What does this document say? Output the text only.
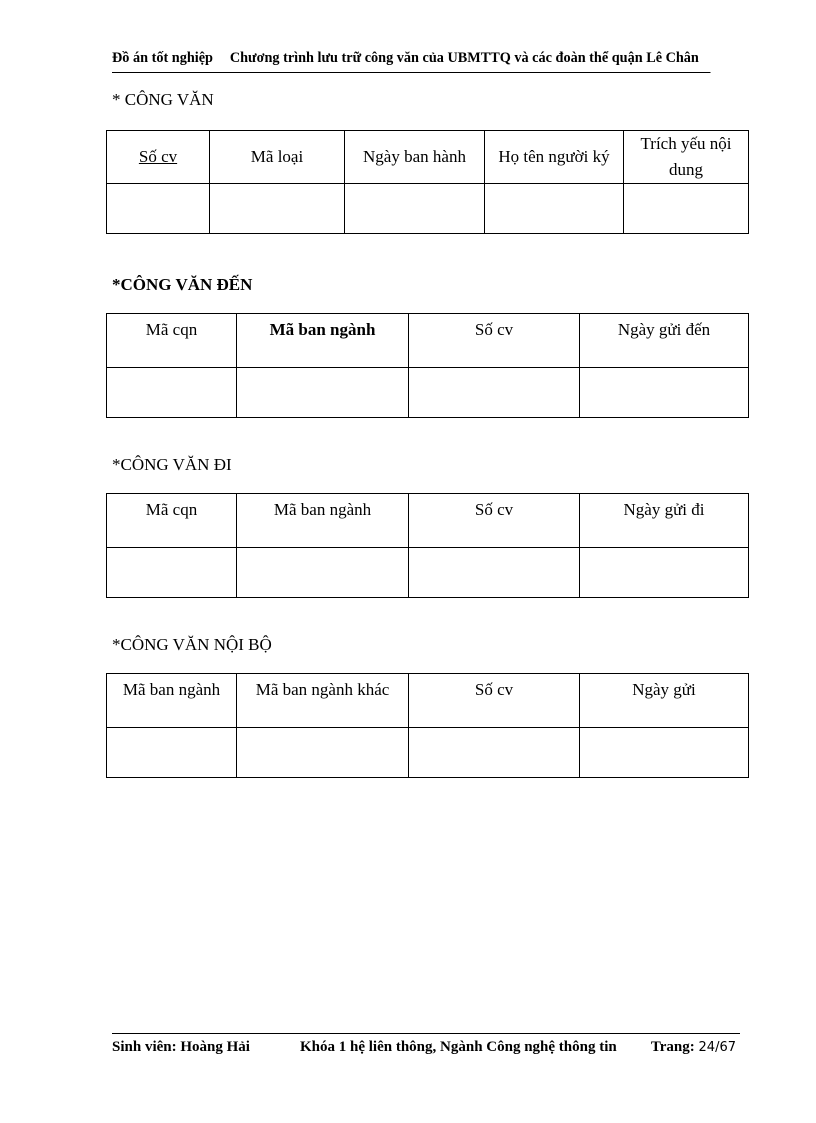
Đồ án tốt nghiệp Chương trình lưu trữ công văn của UBMTTQ và các đoàn thể quận Lê Chân
* CÔNG VĂN
Số cv	Mã loại	Ngày ban hành	Họ tên người ký	Trích yếu nội dung

*CÔNG VĂN ĐẾN
Mã cqn	Mã ban ngành	Số cv	Ngày gửi đến

*CÔNG VĂN ĐI
Mã cqn	Mã ban ngành	Số cv	Ngày gửi đi

*CÔNG VĂN NỘI BỘ
Mã ban ngành	Mã ban ngành khác	Số cv	Ngày gửi

Sinh viên: Hoàng Hải	Khóa 1 hệ liên thông, Ngành Công nghệ thông tin Trang: 24/67
